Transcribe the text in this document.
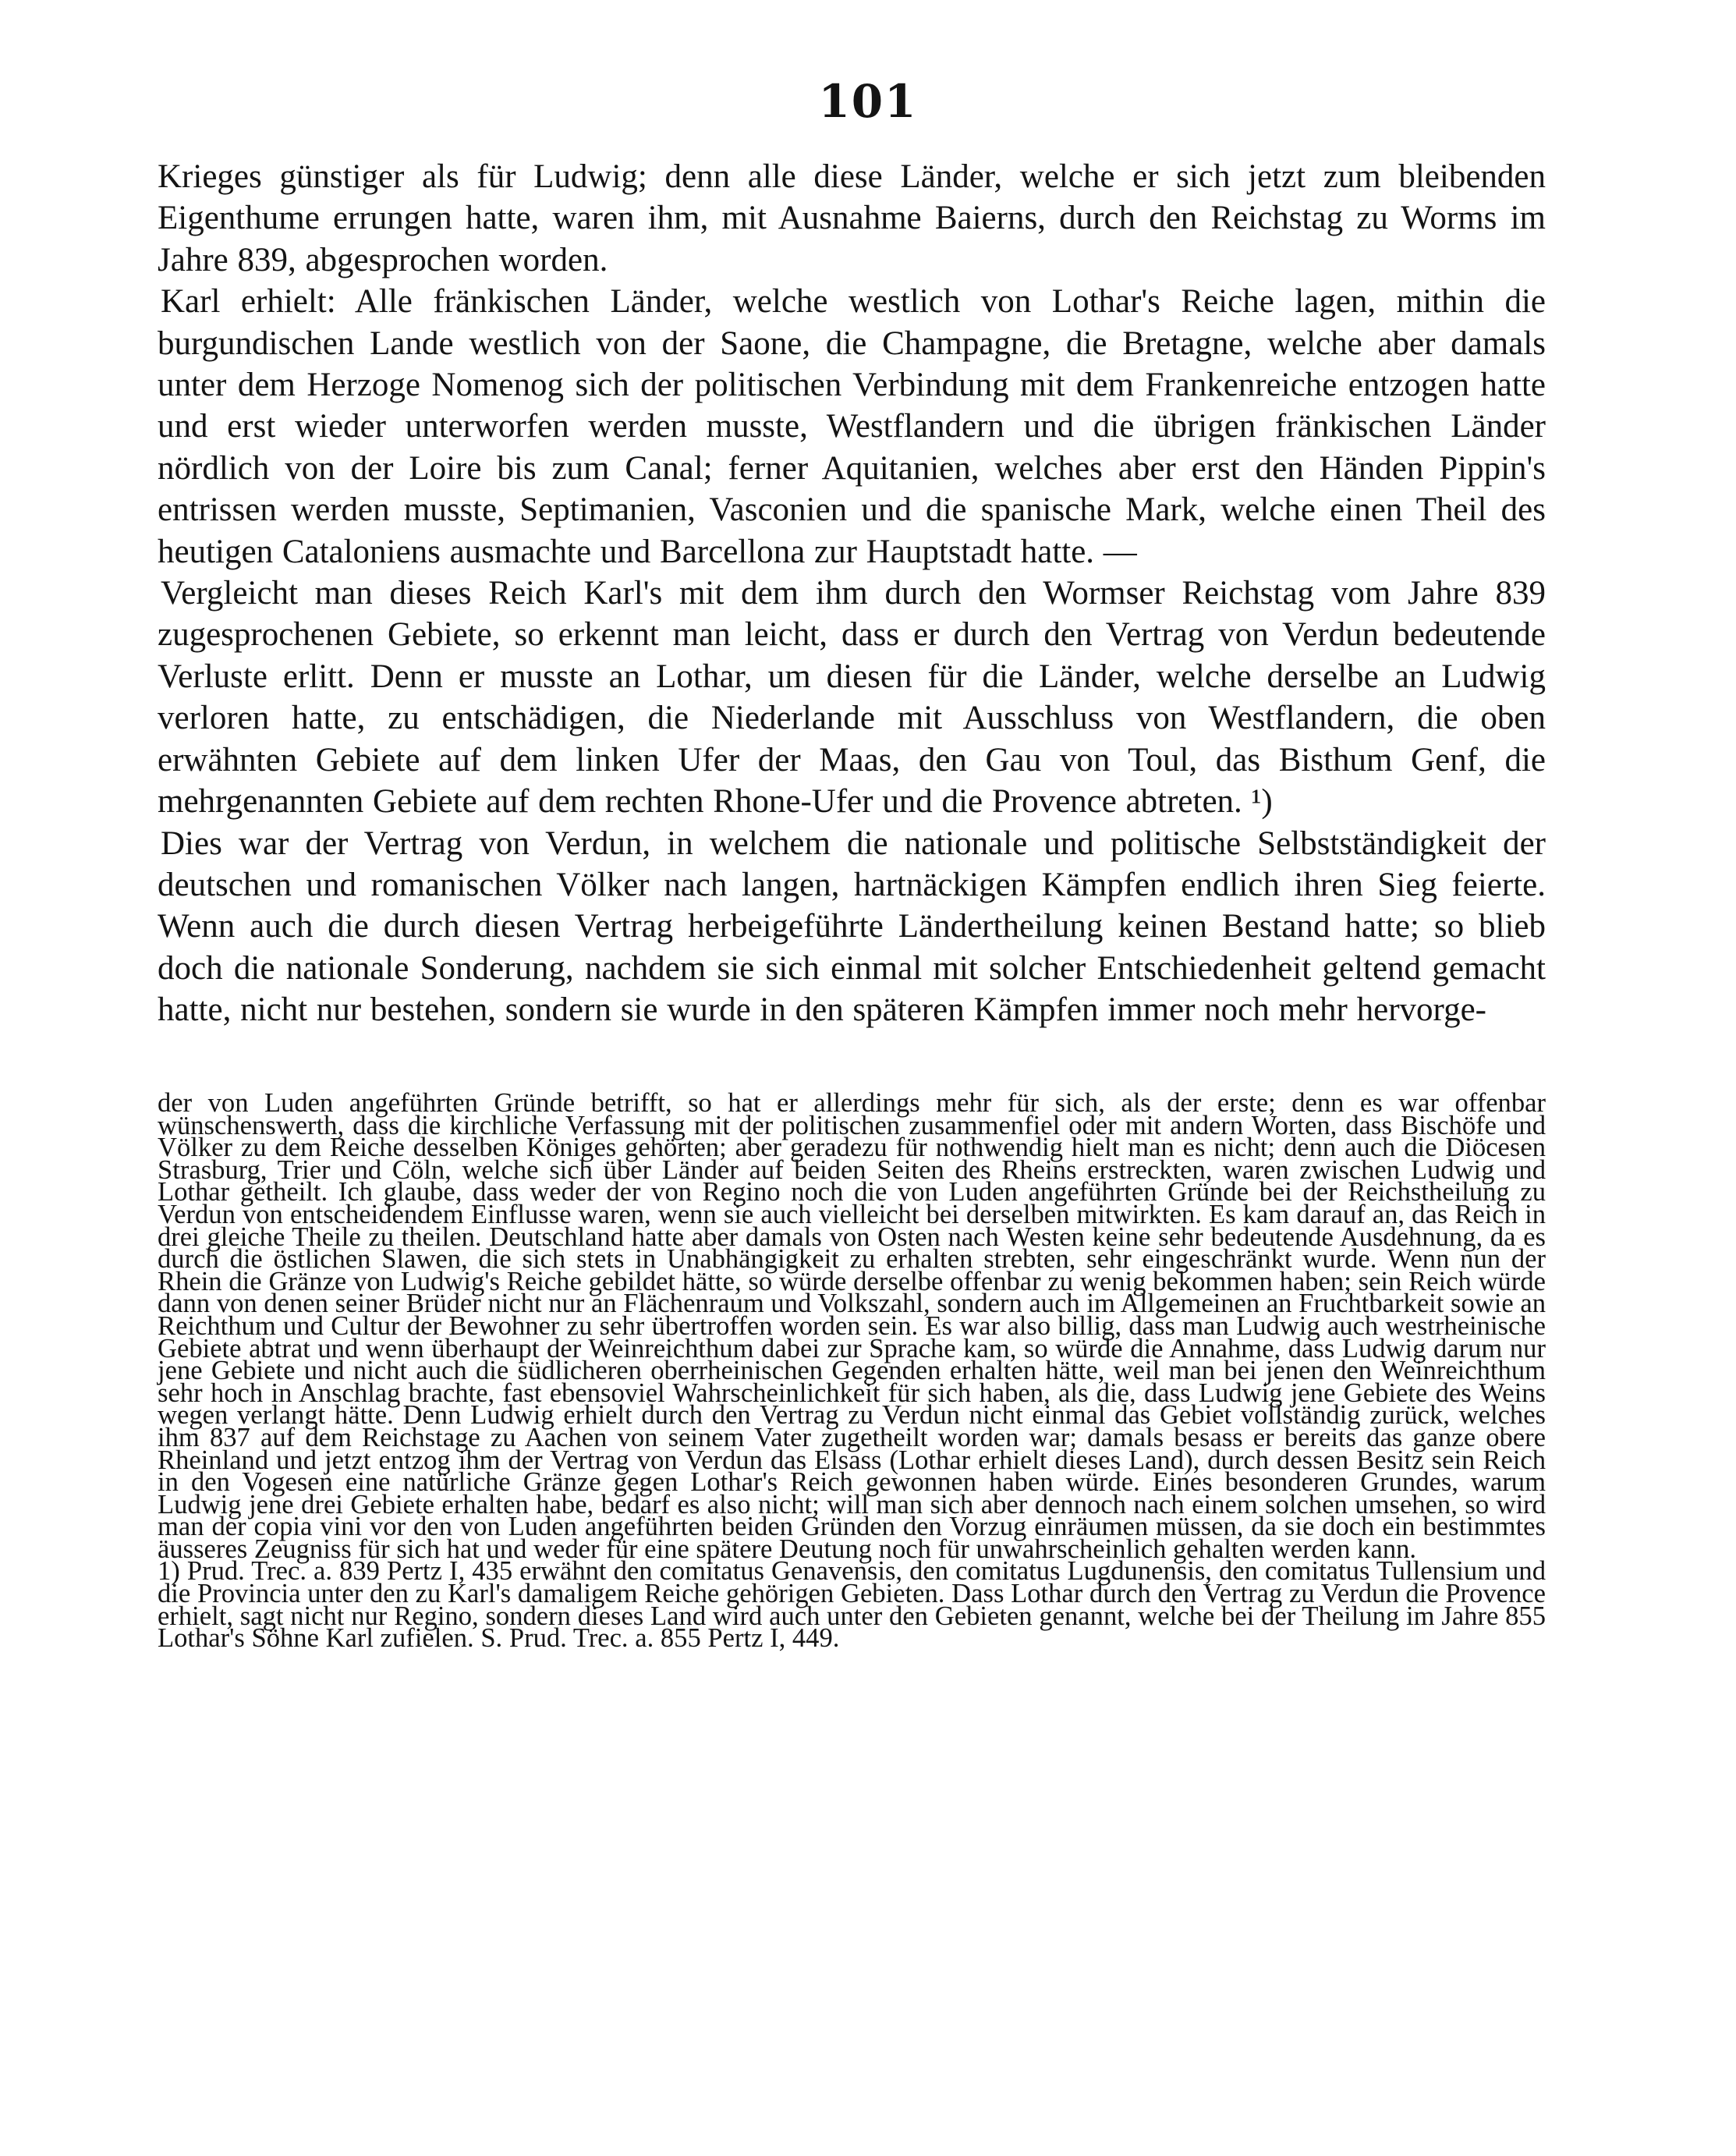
101

Krieges günstiger als für Ludwig; denn alle diese Länder, welche er sich jetzt zum bleibenden Eigenthume errungen hatte, waren ihm, mit Ausnahme Baierns, durch den Reichstag zu Worms im Jahre 839, abgesprochen worden.

Karl erhielt: Alle fränkischen Länder, welche westlich von Lothar's Reiche lagen, mithin die burgundischen Lande westlich von der Saone, die Champagne, die Bretagne, welche aber damals unter dem Herzoge Nomenog sich der politischen Verbindung mit dem Frankenreiche entzogen hatte und erst wieder unterworfen werden musste, Westflandern und die übrigen fränkischen Länder nördlich von der Loire bis zum Canal; ferner Aquitanien, welches aber erst den Händen Pippin's entrissen werden musste, Septimanien, Vasconien und die spanische Mark, welche einen Theil des heutigen Cataloniens ausmachte und Barcellona zur Hauptstadt hatte. —

Vergleicht man dieses Reich Karl's mit dem ihm durch den Wormser Reichstag vom Jahre 839 zugesprochenen Gebiete, so erkennt man leicht, dass er durch den Vertrag von Verdun bedeutende Verluste erlitt. Denn er musste an Lothar, um diesen für die Länder, welche derselbe an Ludwig verloren hatte, zu entschädigen, die Niederlande mit Ausschluss von Westflandern, die oben erwähnten Gebiete auf dem linken Ufer der Maas, den Gau von Toul, das Bisthum Genf, die mehrgenannten Gebiete auf dem rechten Rhone-Ufer und die Provence abtreten. ¹)

Dies war der Vertrag von Verdun, in welchem die nationale und politische Selbstständigkeit der deutschen und romanischen Völker nach langen, hartnäckigen Kämpfen endlich ihren Sieg feierte. Wenn auch die durch diesen Vertrag herbeigeführte Ländertheilung keinen Bestand hatte; so blieb doch die nationale Sonderung, nachdem sie sich einmal mit solcher Entschiedenheit geltend gemacht hatte, nicht nur bestehen, sondern sie wurde in den späteren Kämpfen immer noch mehr hervorge-

der von Luden angeführten Gründe betrifft, so hat er allerdings mehr für sich, als der erste; denn es war offenbar wünschenswerth, dass die kirchliche Verfassung mit der politischen zusammenfiel oder mit andern Worten, dass Bischöfe und Völker zu dem Reiche desselben Königes gehörten; aber geradezu für nothwendig hielt man es nicht; denn auch die Diöcesen Strasburg, Trier und Cöln, welche sich über Länder auf beiden Seiten des Rheins erstreckten, waren zwischen Ludwig und Lothar getheilt. Ich glaube, dass weder der von Regino noch die von Luden angeführten Gründe bei der Reichstheilung zu Verdun von entscheidendem Einflusse waren, wenn sie auch vielleicht bei derselben mitwirkten. Es kam darauf an, das Reich in drei gleiche Theile zu theilen. Deutschland hatte aber damals von Osten nach Westen keine sehr bedeutende Ausdehnung, da es durch die östlichen Slawen, die sich stets in Unabhängigkeit zu erhalten strebten, sehr eingeschränkt wurde. Wenn nun der Rhein die Gränze von Ludwig's Reiche gebildet hätte, so würde derselbe offenbar zu wenig bekommen haben; sein Reich würde dann von denen seiner Brüder nicht nur an Flächenraum und Volkszahl, sondern auch im Allgemeinen an Fruchtbarkeit sowie an Reichthum und Cultur der Bewohner zu sehr übertroffen worden sein. Es war also billig, dass man Ludwig auch westrheinische Gebiete abtrat und wenn überhaupt der Weinreichthum dabei zur Sprache kam, so würde die Annahme, dass Ludwig darum nur jene Gebiete und nicht auch die südlicheren oberrheinischen Gegenden erhalten hätte, weil man bei jenen den Weinreichthum sehr hoch in Anschlag brachte, fast ebensoviel Wahrscheinlichkeit für sich haben, als die, dass Ludwig jene Gebiete des Weins wegen verlangt hätte. Denn Ludwig erhielt durch den Vertrag zu Verdun nicht einmal das Gebiet vollständig zurück, welches ihm 837 auf dem Reichstage zu Aachen von seinem Vater zugetheilt worden war; damals besass er bereits das ganze obere Rheinland und jetzt entzog ihm der Vertrag von Verdun das Elsass (Lothar erhielt dieses Land), durch dessen Besitz sein Reich in den Vogesen eine natürliche Gränze gegen Lothar's Reich gewonnen haben würde. Eines besonderen Grundes, warum Ludwig jene drei Gebiete erhalten habe, bedarf es also nicht; will man sich aber dennoch nach einem solchen umsehen, so wird man der copia vini vor den von Luden angeführten beiden Gründen den Vorzug einräumen müssen, da sie doch ein bestimmtes äusseres Zeugniss für sich hat und weder für eine spätere Deutung noch für unwahrscheinlich gehalten werden kann.

1) Prud. Trec. a. 839 Pertz I, 435 erwähnt den comitatus Genavensis, den comitatus Lugdunensis, den comitatus Tullensium und die Provincia unter den zu Karl's damaligem Reiche gehörigen Gebieten. Dass Lothar durch den Vertrag zu Verdun die Provence erhielt, sagt nicht nur Regino, sondern dieses Land wird auch unter den Gebieten genannt, welche bei der Theilung im Jahre 855 Lothar's Söhne Karl zufielen. S. Prud. Trec. a. 855 Pertz I, 449.
